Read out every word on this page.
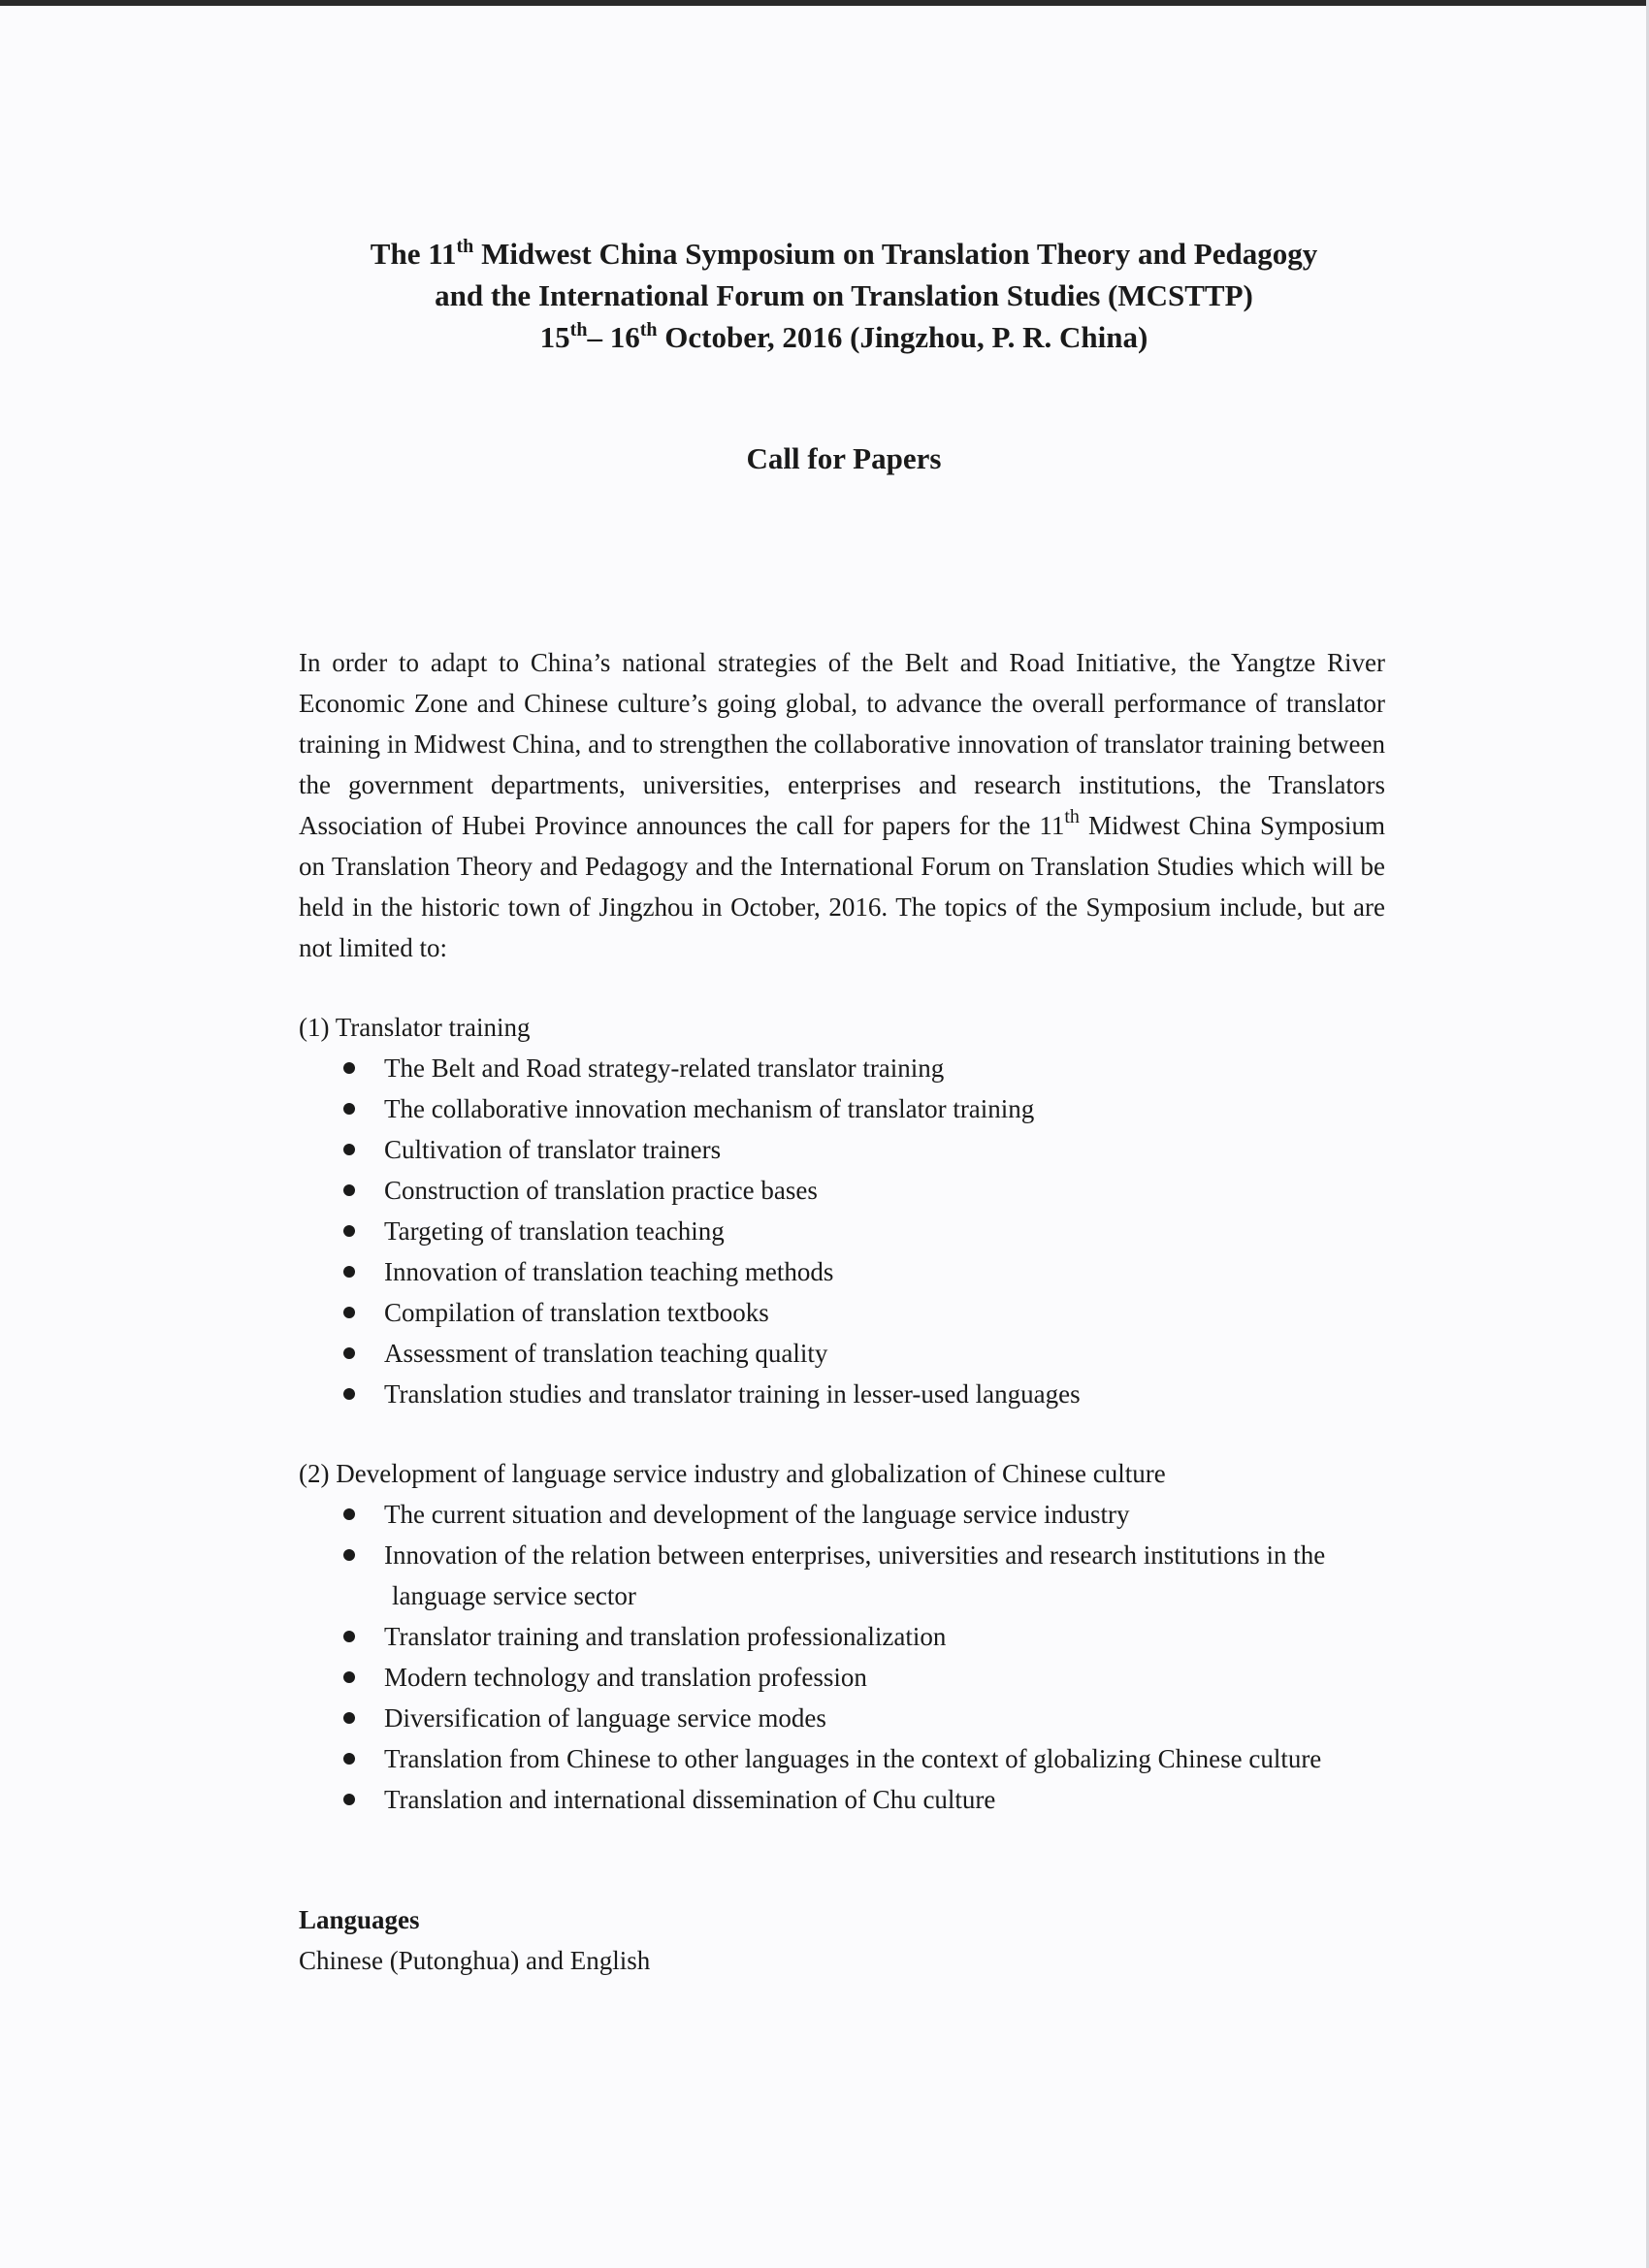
The 11th Midwest China Symposium on Translation Theory and Pedagogy
and the International Forum on Translation Studies (MCSTTP)
15th– 16th October, 2016 (Jingzhou, P. R. China)
Call for Papers

In order to adapt to China’s national strategies of the Belt and Road Initiative, the Yangtze River Economic Zone and Chinese culture’s going global, to advance the overall performance of translator training in Midwest China, and to strengthen the collaborative innovation of translator training between the government departments, universities, enterprises and research institutions, the Translators Association of Hubei Province announces the call for papers for the 11th Midwest China Symposium on Translation Theory and Pedagogy and the International Forum on Translation Studies which will be held in the historic town of Jingzhou in October, 2016. The topics of the Symposium include, but are not limited to:

(1) Translator training
The Belt and Road strategy-related translator training
The collaborative innovation mechanism of translator training
Cultivation of translator trainers
Construction of translation practice bases
Targeting of translation teaching
Innovation of translation teaching methods
Compilation of translation textbooks
Assessment of translation teaching quality
Translation studies and translator training in lesser-used languages
(2) Development of language service industry and globalization of Chinese culture
The current situation and development of the language service industry
Innovation of the relation between enterprises, universities and research institutions in the
language service sector
Translator training and translation professionalization
Modern technology and translation profession
Diversification of language service modes
Translation from Chinese to other languages in the context of globalizing Chinese culture
Translation and international dissemination of Chu culture
Languages
Chinese (Putonghua) and English
